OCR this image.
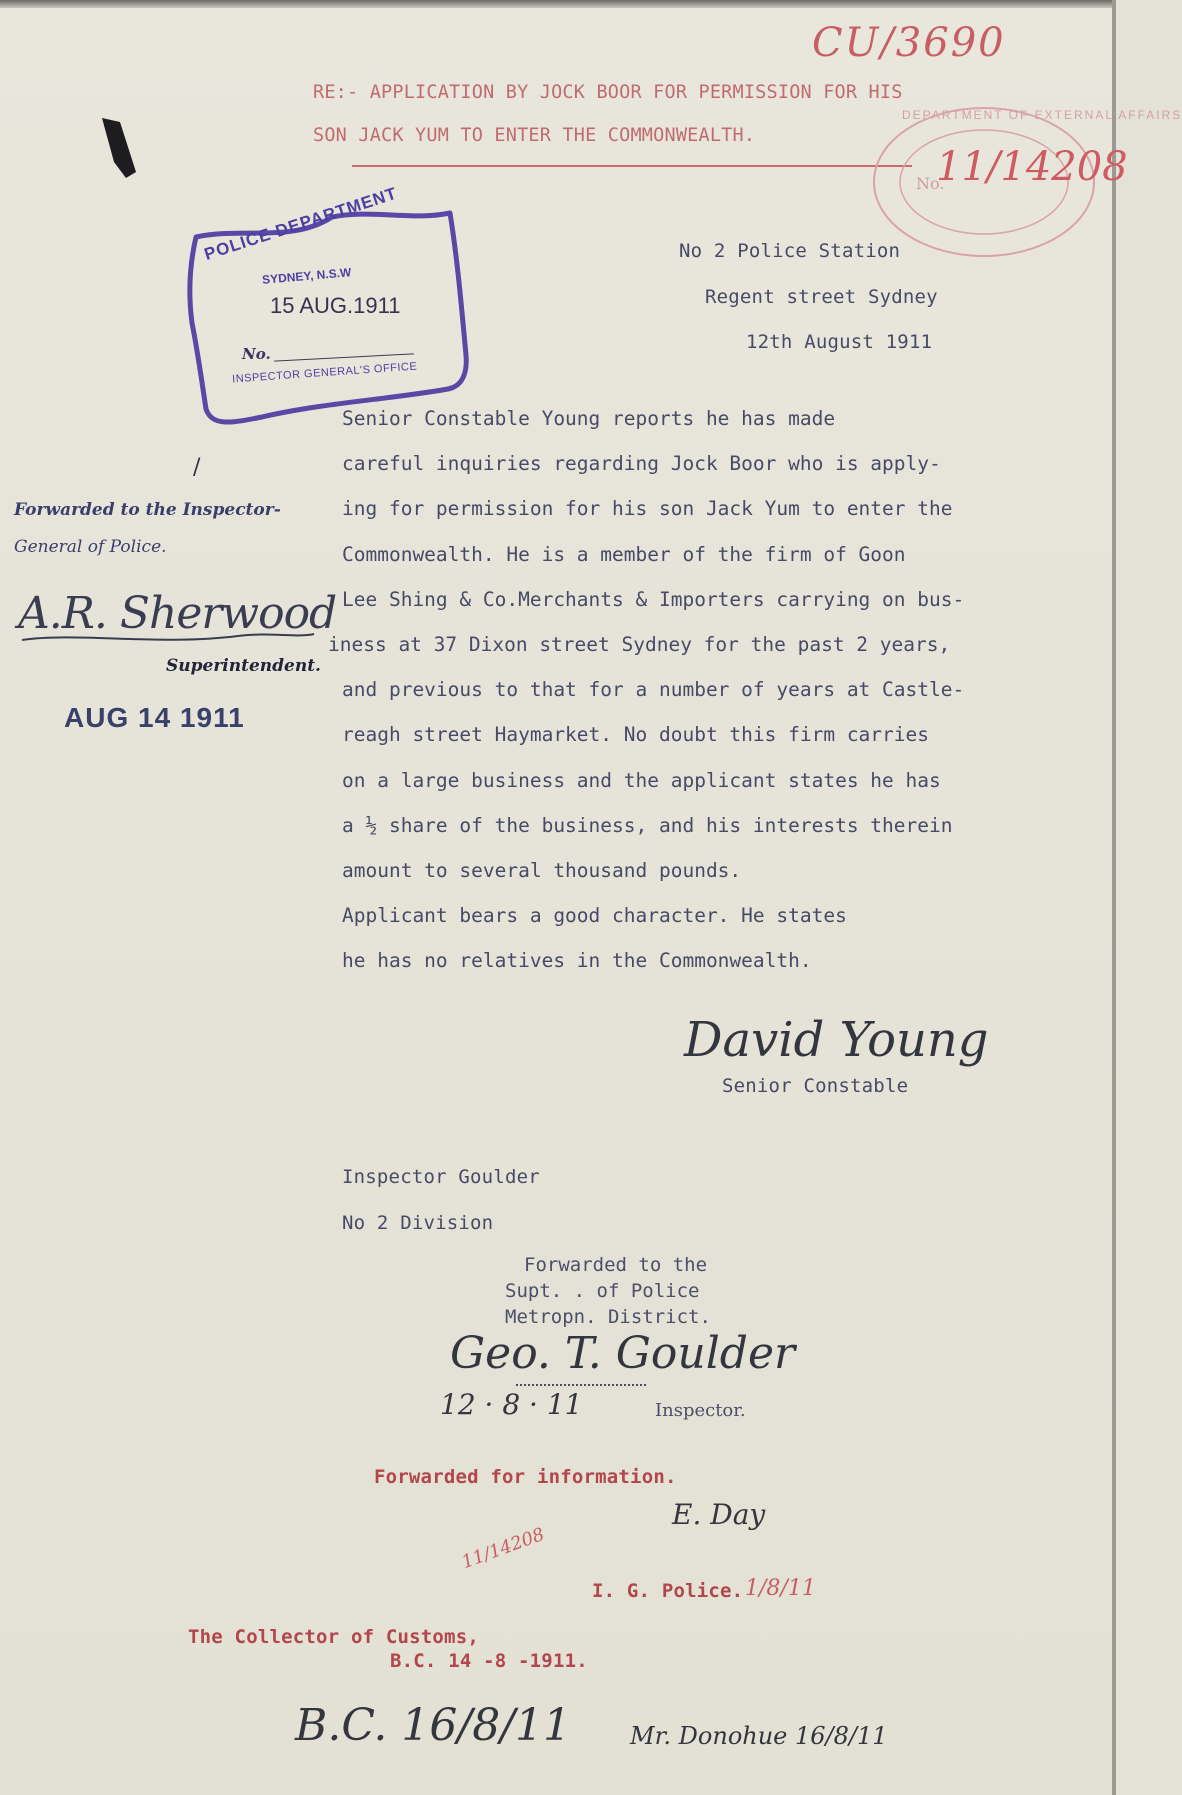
CU/3690
RE:- APPLICATION BY JOCK BOOR FOR PERMISSION FOR HIS
SON JACK YUM TO ENTER THE COMMONWEALTH.
DEPARTMENT OF EXTERNAL AFFAIRS
No.
11/14208
POLICE DEPARTMENT
SYDNEY, N.S.W
15 AUG.1911
No.
INSPECTOR GENERAL'S OFFICE
No 2 Police Station
Regent street Sydney
12th August 1911
Senior Constable Young reports he has made
careful inquiries regarding Jock Boor who is apply-
ing for permission for his son Jack Yum to enter the
Commonwealth. He is a member of the firm of Goon
Lee Shing & Co.Merchants & Importers carrying on bus-
iness at 37 Dixon street Sydney for the past 2 years,
and previous to that for a number of years at Castle-
reagh street Haymarket. No doubt this firm carries
on a large business and the applicant states he has
a ½ share of the business, and his interests therein
amount to several thousand pounds.
Applicant bears a good character. He states
he has no relatives in the Commonwealth.
/
Forwarded to the Inspector-
General of Police.
A.R. Sherwood
Superintendent.
AUG 14 1911
David Young
Senior Constable
Inspector Goulder
No 2 Division
Forwarded to the
Supt. . of Police
Metropn. District.
Geo. T. Goulder
12 · 8 · 11	Inspector.
Forwarded for information.
E. Day
11/14208
I. G. Police. 1/8/11
The Collector of Customs,
B.C. 14 -8 -1911.
B.C. 16/8/11 Mr. Donohue 16/8/11
